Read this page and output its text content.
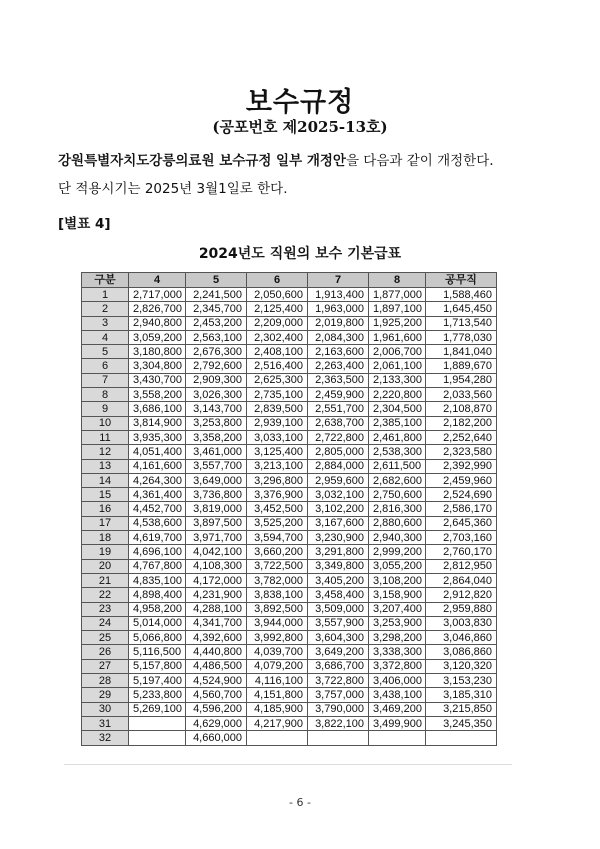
보수규정
(공포번호 제2025-13호)
강원특별자치도강릉의료원 보수규정 일부 개정안을 다음과 같이 개정한다.
단 적용시기는 2025년 3월1일로 한다.
[별표 4]
2024년도 직원의 보수 기본급표
구분	4	5	6	7	8	공무직
1	2,717,000	2,241,500	2,050,600	1,913,400	1,877,000	1,588,460
2	2,826,700	2,345,700	2,125,400	1,963,000	1,897,100	1,645,450
3	2,940,800	2,453,200	2,209,000	2,019,800	1,925,200	1,713,540
4	3,059,200	2,563,100	2,302,400	2,084,300	1,961,600	1,778,030
5	3,180,800	2,676,300	2,408,100	2,163,600	2,006,700	1,841,040
6	3,304,800	2,792,600	2,516,400	2,263,400	2,061,100	1,889,670
7	3,430,700	2,909,300	2,625,300	2,363,500	2,133,300	1,954,280
8	3,558,200	3,026,300	2,735,100	2,459,900	2,220,800	2,033,560
9	3,686,100	3,143,700	2,839,500	2,551,700	2,304,500	2,108,870
10	3,814,900	3,253,800	2,939,100	2,638,700	2,385,100	2,182,200
11	3,935,300	3,358,200	3,033,100	2,722,800	2,461,800	2,252,640
12	4,051,400	3,461,000	3,125,400	2,805,000	2,538,300	2,323,580
13	4,161,600	3,557,700	3,213,100	2,884,000	2,611,500	2,392,990
14	4,264,300	3,649,000	3,296,800	2,959,600	2,682,600	2,459,960
15	4,361,400	3,736,800	3,376,900	3,032,100	2,750,600	2,524,690
16	4,452,700	3,819,000	3,452,500	3,102,200	2,816,300	2,586,170
17	4,538,600	3,897,500	3,525,200	3,167,600	2,880,600	2,645,360
18	4,619,700	3,971,700	3,594,700	3,230,900	2,940,300	2,703,160
19	4,696,100	4,042,100	3,660,200	3,291,800	2,999,200	2,760,170
20	4,767,800	4,108,300	3,722,500	3,349,800	3,055,200	2,812,950
21	4,835,100	4,172,000	3,782,000	3,405,200	3,108,200	2,864,040
22	4,898,400	4,231,900	3,838,100	3,458,400	3,158,900	2,912,820
23	4,958,200	4,288,100	3,892,500	3,509,000	3,207,400	2,959,880
24	5,014,000	4,341,700	3,944,000	3,557,900	3,253,900	3,003,830
25	5,066,800	4,392,600	3,992,800	3,604,300	3,298,200	3,046,860
26	5,116,500	4,440,800	4,039,700	3,649,200	3,338,300	3,086,860
27	5,157,800	4,486,500	4,079,200	3,686,700	3,372,800	3,120,320
28	5,197,400	4,524,900	4,116,100	3,722,800	3,406,000	3,153,230
29	5,233,800	4,560,700	4,151,800	3,757,000	3,438,100	3,185,310
30	5,269,100	4,596,200	4,185,900	3,790,000	3,469,200	3,215,850
31		4,629,000	4,217,900	3,822,100	3,499,900	3,245,350
32		4,660,000				
- 6 -
